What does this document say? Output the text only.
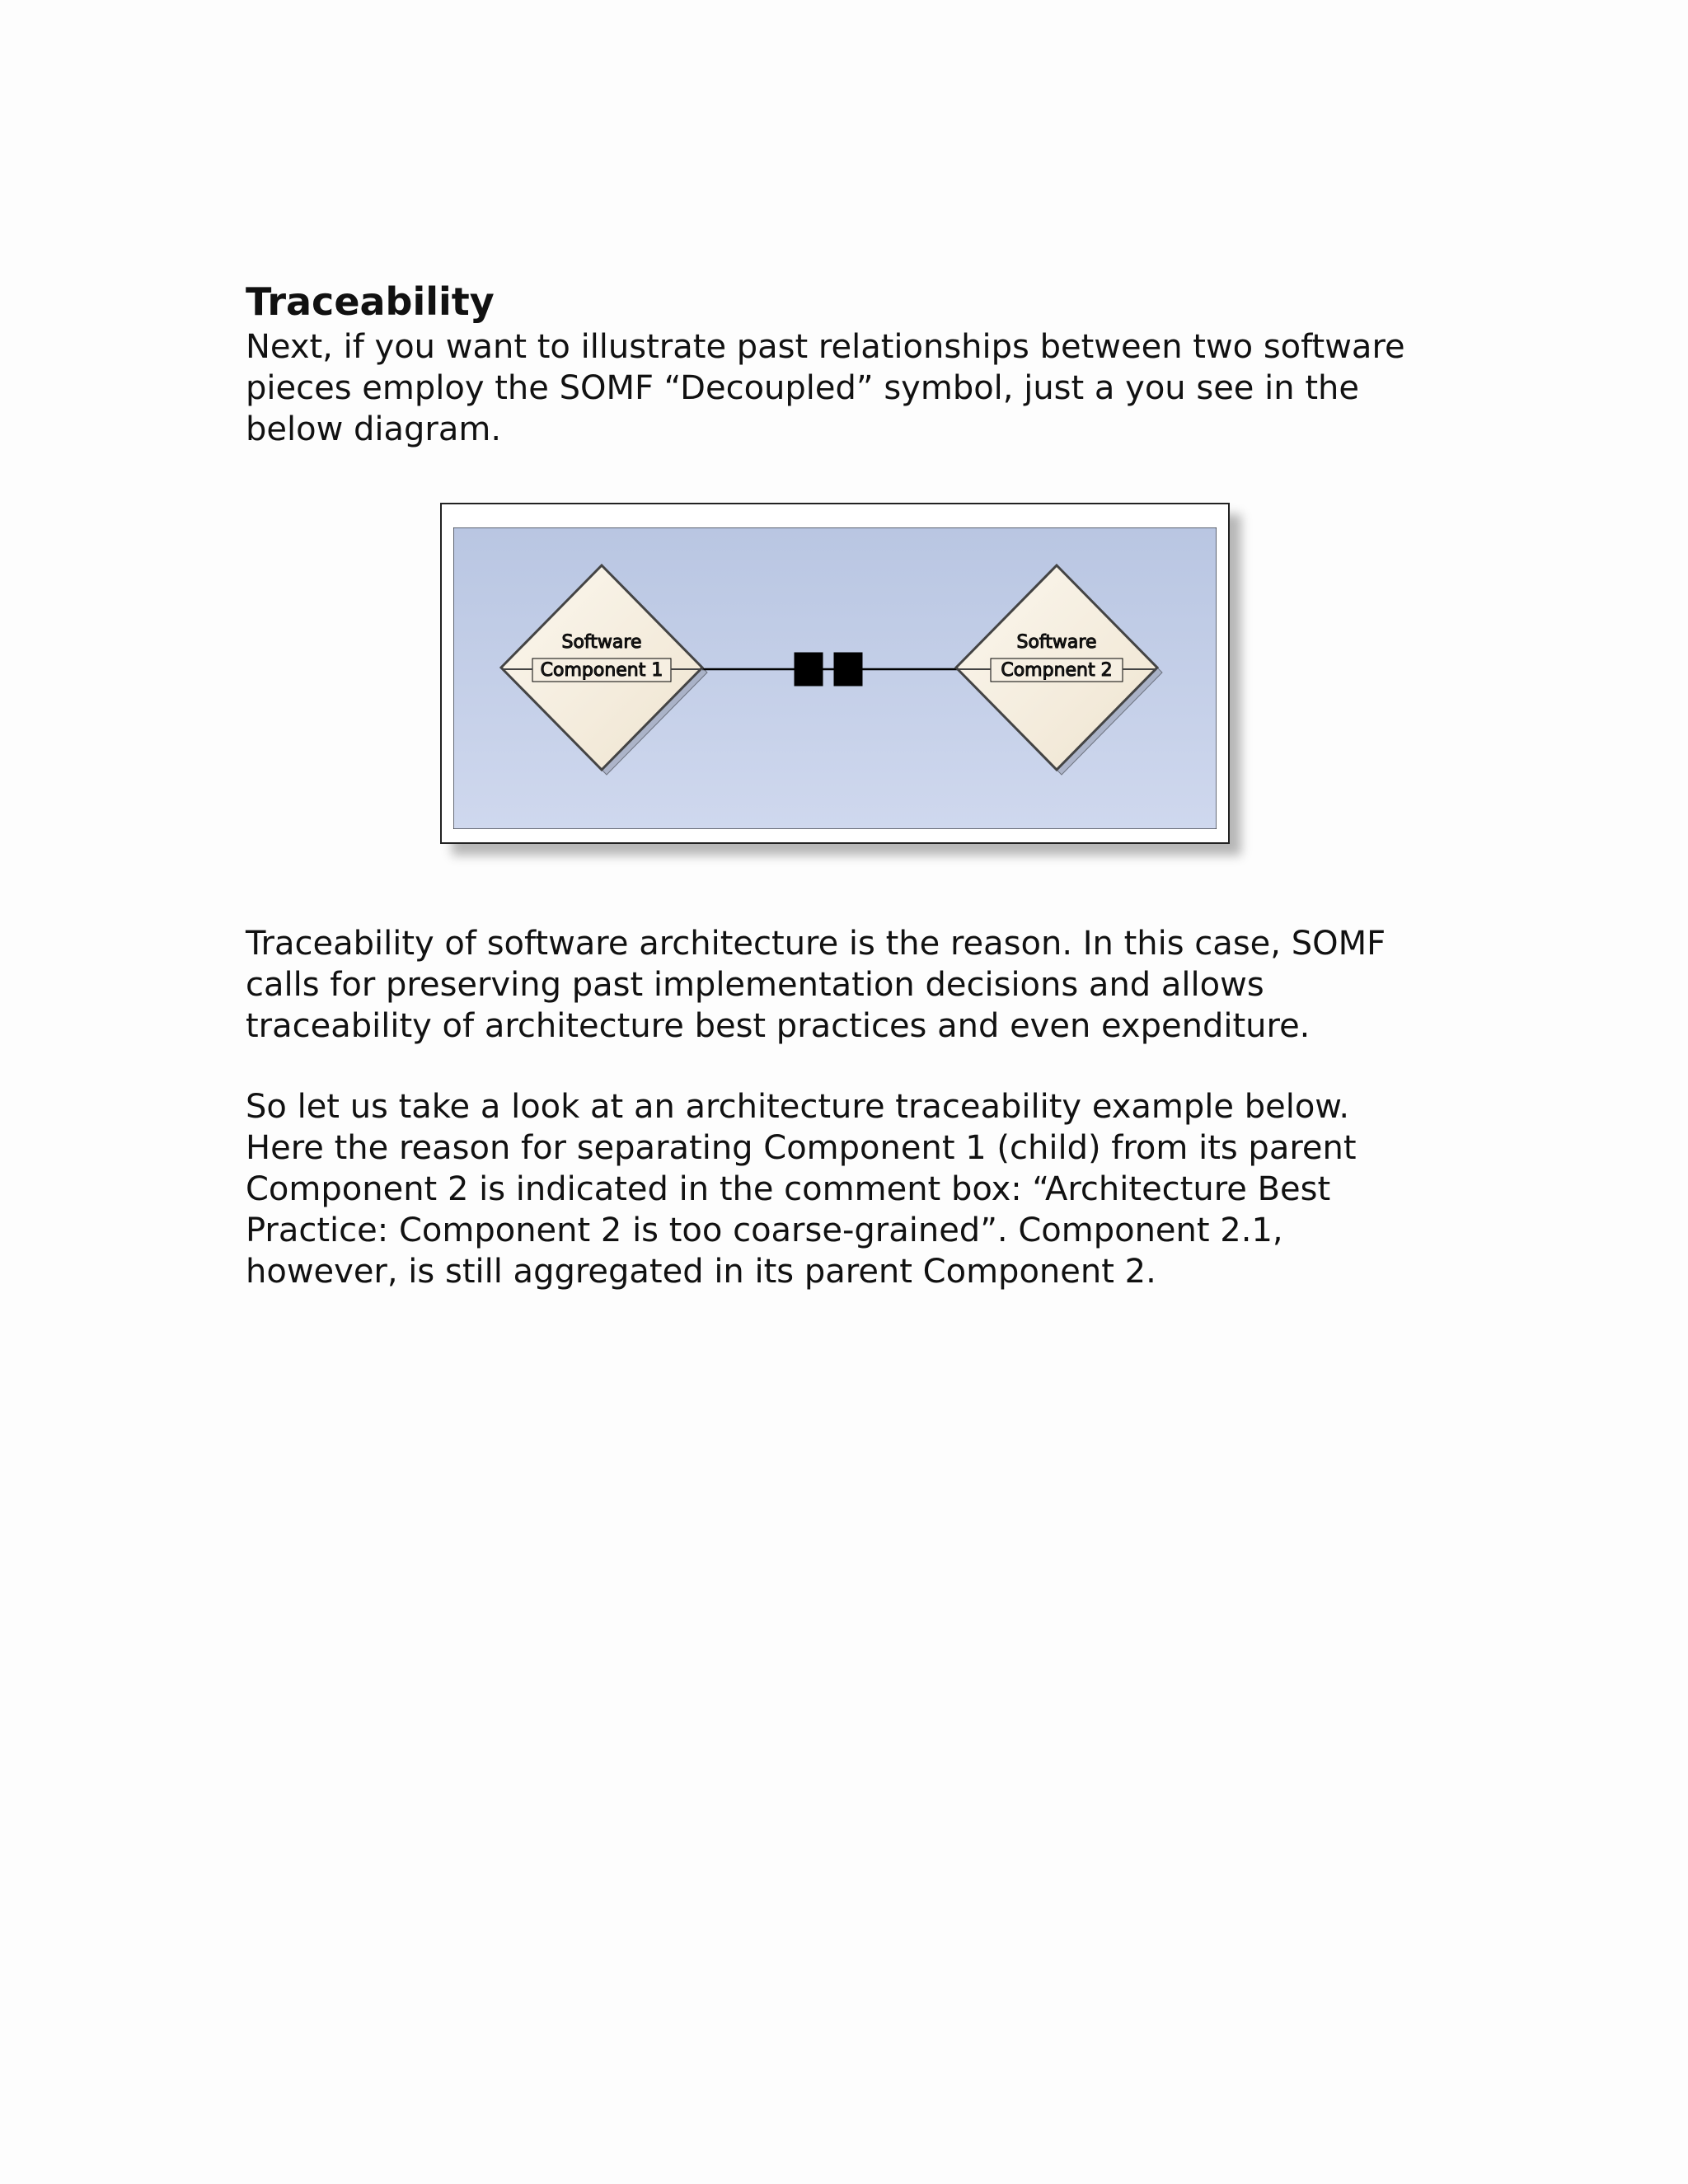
Traceability

Next, if you want to illustrate past relationships between two software
pieces employ the SOMF “Decoupled” symbol, just a you see in the
below diagram.

Software
Component 1
Software
Compnent 2

Traceability of software architecture is the reason. In this case, SOMF
calls for preserving past implementation decisions and allows
traceability of architecture best practices and even expenditure.

So let us take a look at an architecture traceability example below.
Here the reason for separating Component 1 (child) from its parent
Component 2 is indicated in the comment box: “Architecture Best
Practice: Component 2 is too coarse-grained”. Component 2.1,
however, is still aggregated in its parent Component 2.
